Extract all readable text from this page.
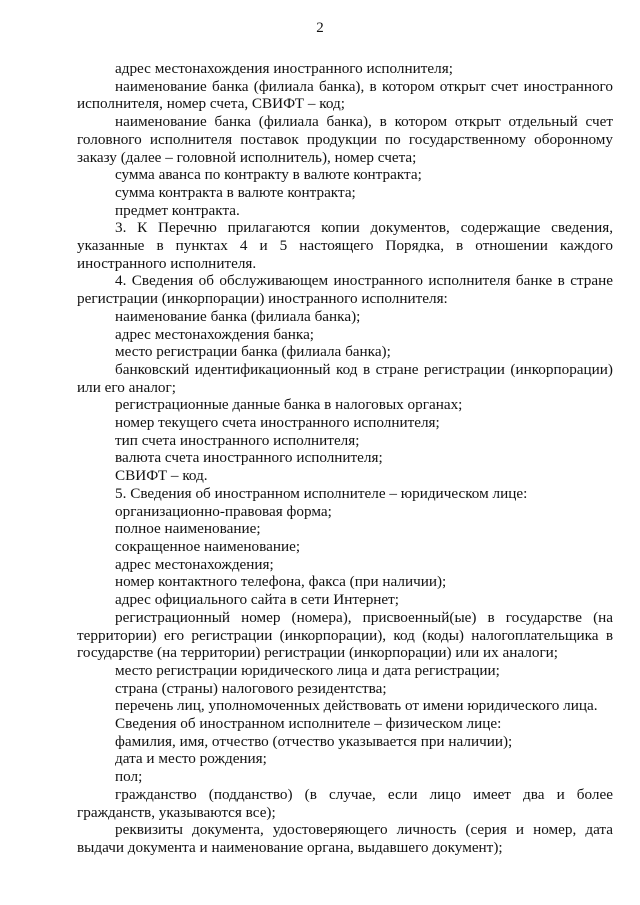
2

адрес местонахождения иностранного исполнителя;

наименование банка (филиала банка), в котором открыт счет иностранного исполнителя, номер счета, СВИФТ – код;

наименование банка (филиала банка), в котором открыт отдельный счет головного исполнителя поставок продукции по государственному оборонному заказу (далее – головной исполнитель), номер счета;

сумма аванса по контракту в валюте контракта;

сумма контракта в валюте контракта;

предмет контракта.

3. К Перечню прилагаются копии документов, содержащие сведения, указанные в пунктах 4 и 5 настоящего Порядка, в отношении каждого иностранного исполнителя.

4. Сведения об обслуживающем иностранного исполнителя банке в стране регистрации (инкорпорации) иностранного исполнителя:

наименование банка (филиала банка);

адрес местонахождения банка;

место регистрации банка (филиала банка);

банковский идентификационный код в стране регистрации (инкорпорации) или его аналог;

регистрационные данные банка в налоговых органах;

номер текущего счета иностранного исполнителя;

тип счета иностранного исполнителя;

валюта счета иностранного исполнителя;

СВИФТ – код.

5. Сведения об иностранном исполнителе – юридическом лице:

организационно-правовая форма;

полное наименование;

сокращенное наименование;

адрес местонахождения;

номер контактного телефона, факса (при наличии);

адрес официального сайта в сети Интернет;

регистрационный номер (номера), присвоенный(ые) в государстве (на территории) его регистрации (инкорпорации), код (коды) налогоплательщика в государстве (на территории) регистрации (инкорпорации) или их аналоги;

место регистрации юридического лица и дата регистрации;

страна (страны) налогового резидентства;

перечень лиц, уполномоченных действовать от имени юридического лица.

Сведения об иностранном исполнителе – физическом лице:

фамилия, имя, отчество (отчество указывается при наличии);

дата и место рождения;

пол;

гражданство (подданство) (в случае, если лицо имеет два и более гражданств, указываются все);

реквизиты документа, удостоверяющего личность (серия и номер, дата выдачи документа и наименование органа, выдавшего документ);
